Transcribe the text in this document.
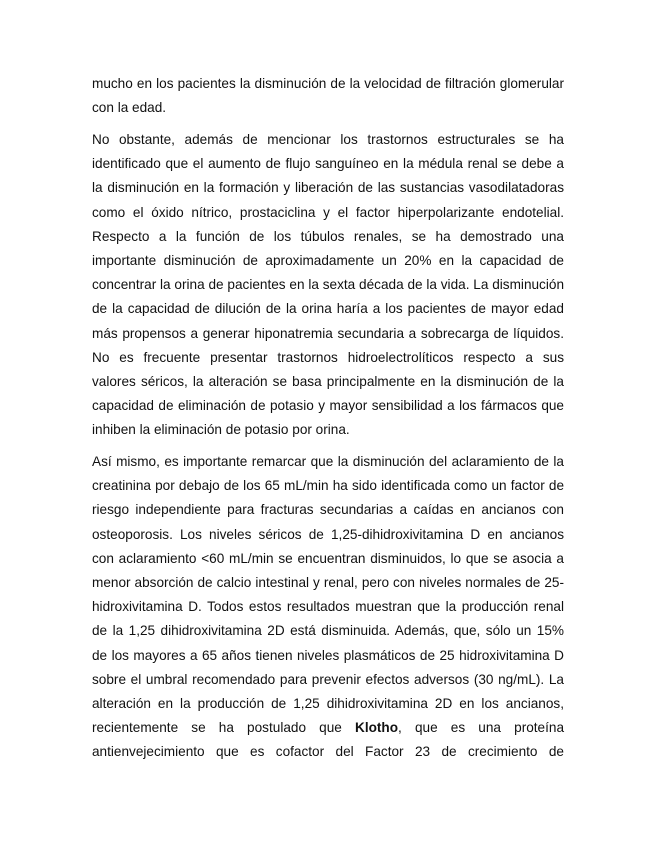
mucho en los pacientes la disminución de la velocidad de filtración glomerular
con la edad.

No obstante, además de mencionar los trastornos estructurales se ha
identificado que el aumento de flujo sanguíneo en la médula renal se debe a
la disminución en la formación y liberación de las sustancias vasodilatadoras
como el óxido nítrico, prostaciclina y el factor hiperpolarizante endotelial.
Respecto a la función de los túbulos renales, se ha demostrado una
importante disminución de aproximadamente un 20% en la capacidad de
concentrar la orina de pacientes en la sexta década de la vida. La disminución
de la capacidad de dilución de la orina haría a los pacientes de mayor edad
más propensos a generar hiponatremia secundaria a sobrecarga de líquidos.
No es frecuente presentar trastornos hidroelectrolíticos respecto a sus
valores séricos, la alteración se basa principalmente en la disminución de la
capacidad de eliminación de potasio y mayor sensibilidad a los fármacos que
inhiben la eliminación de potasio por orina.

Así mismo, es importante remarcar que la disminución del aclaramiento de la
creatinina por debajo de los 65 mL/min ha sido identificada como un factor de
riesgo independiente para fracturas secundarias a caídas en ancianos con
osteoporosis. Los niveles séricos de 1,25-dihidroxivitamina D en ancianos
con aclaramiento <60 mL/min se encuentran disminuidos, lo que se asocia a
menor absorción de calcio intestinal y renal, pero con niveles normales de 25-
hidroxivitamina D. Todos estos resultados muestran que la producción renal
de la 1,25 dihidroxivitamina 2D está disminuida. Además, que, sólo un 15%
de los mayores a 65 años tienen niveles plasmáticos de 25 hidroxivitamina D
sobre el umbral recomendado para prevenir efectos adversos (30 ng/mL). La
alteración en la producción de 1,25 dihidroxivitamina 2D en los ancianos,
recientemente se ha postulado que Klotho, que es una proteína
antienvejecimiento que es cofactor del Factor 23 de crecimiento de
